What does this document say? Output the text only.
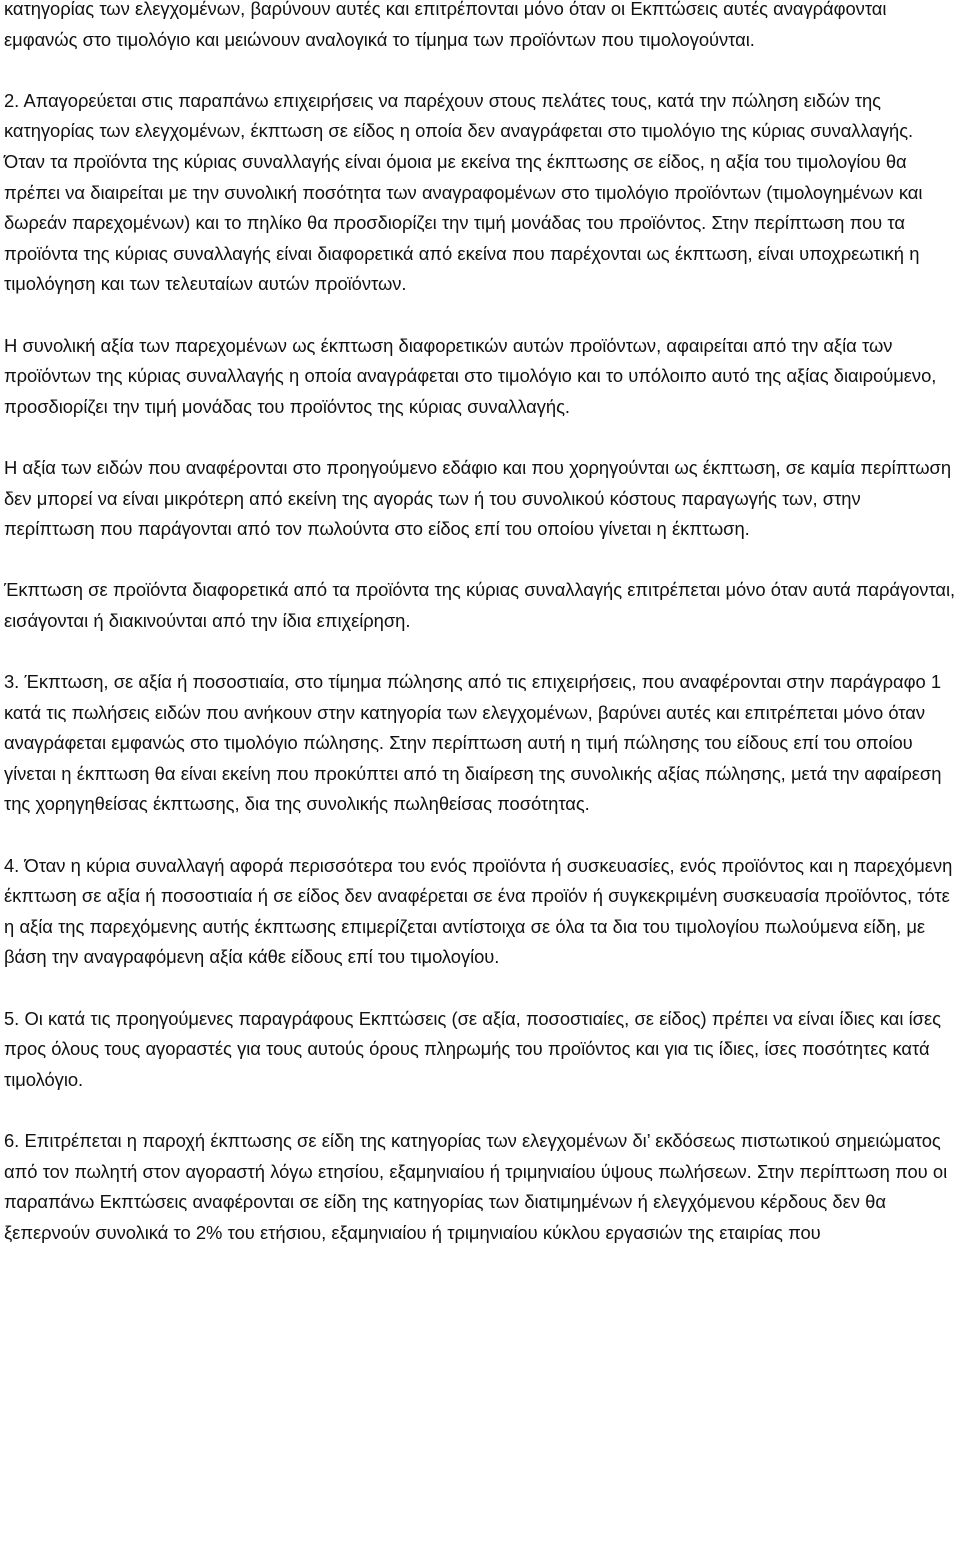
κατηγορίας των ελεγχομένων, βαρύνουν αυτές και επιτρέπονται μόνο όταν οι Εκπτώσεις αυτές αναγράφονται εμφανώς στο τιμολόγιο και μειώνουν αναλογικά το τίμημα των προϊόντων που τιμολογούνται.

2. Απαγορεύεται στις παραπάνω επιχειρήσεις να παρέχουν στους πελάτες τους, κατά την πώληση ειδών της κατηγορίας των ελεγχομένων, έκπτωση σε είδος η οποία δεν αναγράφεται στο τιμολόγιο της κύριας συναλλαγής. Όταν τα προϊόντα της κύριας συναλλαγής είναι όμοια με εκείνα της έκπτωσης σε είδος, η αξία του τιμολογίου θα πρέπει να διαιρείται με την συνολική ποσότητα των αναγραφομένων στο τιμολόγιο προϊόντων (τιμολογημένων και δωρεάν παρεχομένων) και το πηλίκο θα προσδιορίζει την τιμή μονάδας του προϊόντος. Στην περίπτωση που τα προϊόντα της κύριας συναλλαγής είναι διαφορετικά από εκείνα που παρέχονται ως έκπτωση, είναι υποχρεωτική η τιμολόγηση και των τελευταίων αυτών προϊόντων.

Η συνολική αξία των παρεχομένων ως έκπτωση διαφορετικών αυτών προϊόντων, αφαιρείται από την αξία των προϊόντων της κύριας συναλλαγής η οποία αναγράφεται στο τιμολόγιο και το υπόλοιπο αυτό της αξίας διαιρούμενο, προσδιορίζει την τιμή μονάδας του προϊόντος της κύριας συναλλαγής.

Η αξία των ειδών που αναφέρονται στο προηγούμενο εδάφιο και που χορηγούνται ως έκπτωση, σε καμία περίπτωση δεν μπορεί να είναι μικρότερη από εκείνη της αγοράς των ή του συνολικού κόστους παραγωγής των, στην περίπτωση που παράγονται από τον πωλούντα στο είδος επί του οποίου γίνεται η έκπτωση.

Έκπτωση σε προϊόντα διαφορετικά από τα προϊόντα της κύριας συναλλαγής επιτρέπεται μόνο όταν αυτά παράγονται, εισάγονται ή διακινούνται από την ίδια επιχείρηση.

3. Έκπτωση, σε αξία ή ποσοστιαία, στο τίμημα πώλησης από τις επιχειρήσεις, που αναφέρονται στην παράγραφο 1 κατά τις πωλήσεις ειδών που ανήκουν στην κατηγορία των ελεγχομένων, βαρύνει αυτές και επιτρέπεται μόνο όταν αναγράφεται εμφανώς στο τιμολόγιο πώλησης. Στην περίπτωση αυτή η τιμή πώλησης του είδους επί του οποίου γίνεται η έκπτωση θα είναι εκείνη που προκύπτει από τη διαίρεση της συνολικής αξίας πώλησης, μετά την αφαίρεση της χορηγηθείσας έκπτωσης, δια της συνολικής πωληθείσας ποσότητας.

4. Όταν η κύρια συναλλαγή αφορά περισσότερα του ενός προϊόντα ή συσκευασίες, ενός προϊόντος και η παρεχόμενη έκπτωση σε αξία ή ποσοστιαία ή σε είδος δεν αναφέρεται σε ένα προϊόν ή συγκεκριμένη συσκευασία προϊόντος, τότε η αξία της παρεχόμενης αυτής έκπτωσης επιμερίζεται αντίστοιχα σε όλα τα δια του τιμολογίου πωλούμενα είδη, με βάση την αναγραφόμενη αξία κάθε είδους επί του τιμολογίου.

5. Οι κατά τις προηγούμενες παραγράφους Εκπτώσεις (σε αξία, ποσοστιαίες, σε είδος) πρέπει να είναι ίδιες και ίσες προς όλους τους αγοραστές για τους αυτούς όρους πληρωμής του προϊόντος και για τις ίδιες, ίσες ποσότητες κατά τιμολόγιο.

6. Επιτρέπεται η παροχή έκπτωσης σε είδη της κατηγορίας των ελεγχομένων δι’ εκδόσεως πιστωτικού σημειώματος από τον πωλητή στον αγοραστή λόγω ετησίου, εξαμηνιαίου ή τριμηνιαίου ύψους πωλήσεων. Στην περίπτωση που οι παραπάνω Εκπτώσεις αναφέρονται σε είδη της κατηγορίας των διατιμημένων ή ελεγχόμενου κέρδους δεν θα ξεπερνούν συνολικά το 2% του ετήσιου, εξαμηνιαίου ή τριμηνιαίου κύκλου εργασιών της εταιρίας που
